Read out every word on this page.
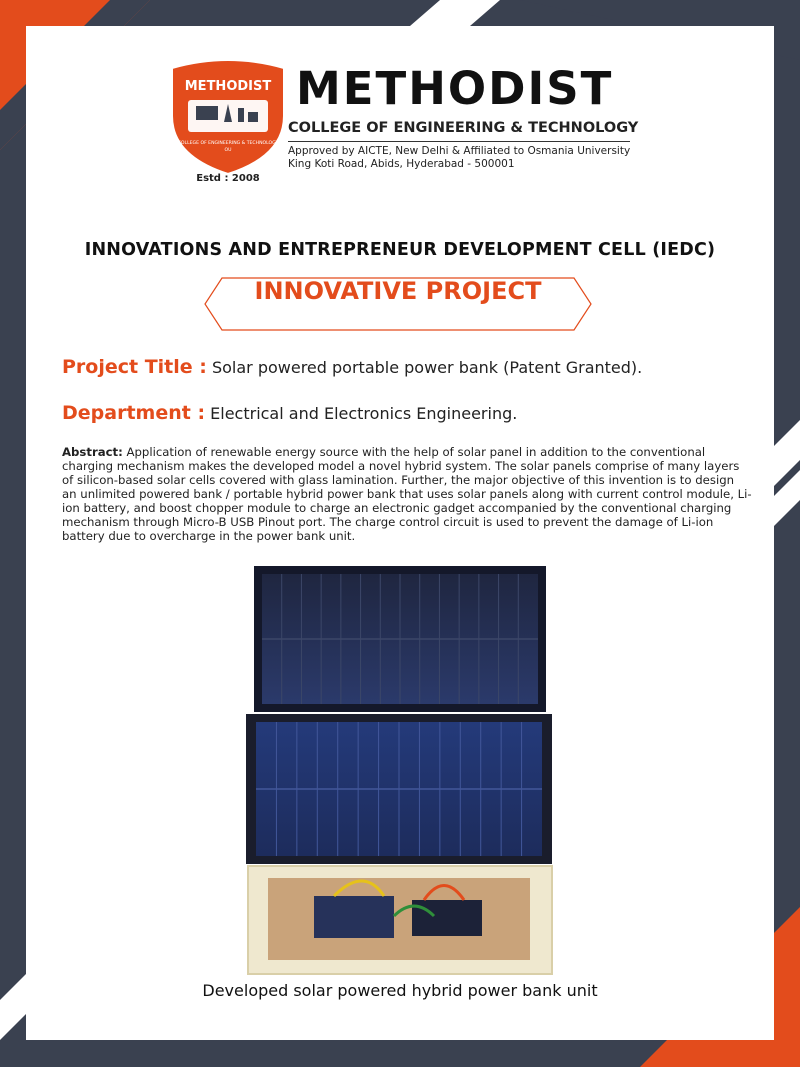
METHODIST
COLLEGE OF ENGINEERING & TECHNOLOGY
OU
Estd : 2008
METHODIST
COLLEGE OF ENGINEERING & TECHNOLOGY
Approved by AICTE, New Delhi & Affiliated to Osmania University
King Koti Road, Abids, Hyderabad - 500001
INNOVATIONS AND ENTREPRENEUR DEVELOPMENT CELL (IEDC)
INNOVATIVE PROJECT
Project Title : Solar powered portable power bank (Patent Granted).
Department : Electrical and Electronics Engineering.
Abstract: Application of renewable energy source with the help of solar panel in addition to the conventional charging mechanism makes the developed model a novel hybrid system. The solar panels comprise of many layers of silicon-based solar cells covered with glass lamination. Further, the major objective of this invention is to design an unlimited powered bank / portable hybrid power bank that uses solar panels along with current control module, Li-ion battery, and boost chopper module to charge an electronic gadget accompanied by the conventional charging mechanism through Micro-B USB Pinout port. The charge control circuit is used to prevent the damage of Li-ion battery due to overcharge in the power bank unit.
Developed solar powered hybrid power bank unit
